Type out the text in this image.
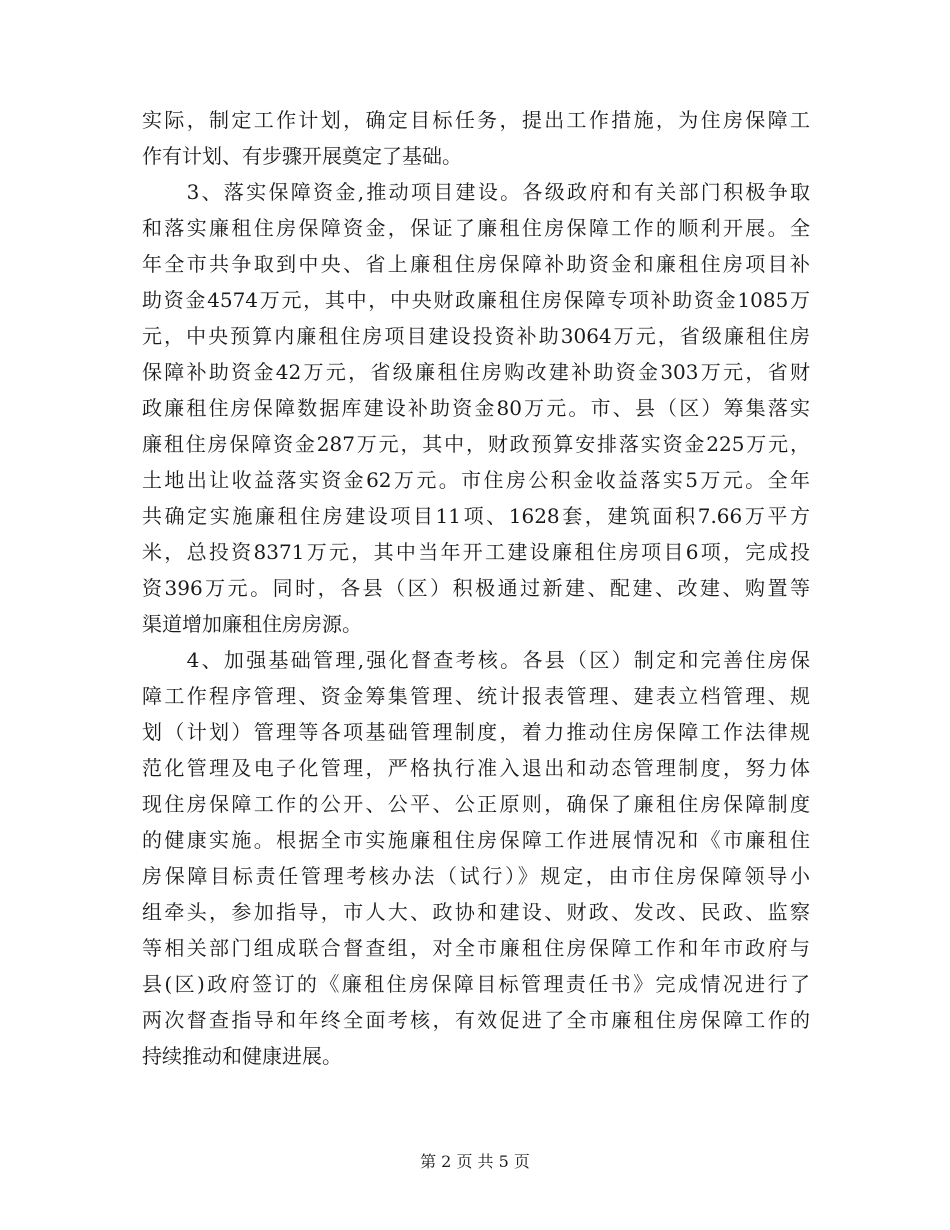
实际，制定工作计划，确定目标任务，提出工作措施，为住房保障工
作有计划、有步骤开展奠定了基础。
　　3、落实保障资金,推动项目建设。各级政府和有关部门积极争取
和落实廉租住房保障资金，保证了廉租住房保障工作的顺利开展。全
年全市共争取到中央、省上廉租住房保障补助资金和廉租住房项目补
助资金4574万元，其中，中央财政廉租住房保障专项补助资金1085万
元，中央预算内廉租住房项目建设投资补助3064万元，省级廉租住房
保障补助资金42万元，省级廉租住房购改建补助资金303万元，省财
政廉租住房保障数据库建设补助资金80万元。市、县（区）筹集落实
廉租住房保障资金287万元，其中，财政预算安排落实资金225万元，
土地出让收益落实资金62万元。市住房公积金收益落实5万元。全年
共确定实施廉租住房建设项目11项、1628套，建筑面积7.66万平方
米，总投资8371万元，其中当年开工建设廉租住房项目6项，完成投
资396万元。同时，各县（区）积极通过新建、配建、改建、购置等
渠道增加廉租住房房源。
　　4、加强基础管理,强化督查考核。各县（区）制定和完善住房保
障工作程序管理、资金筹集管理、统计报表管理、建表立档管理、规
划（计划）管理等各项基础管理制度，着力推动住房保障工作法律规
范化管理及电子化管理，严格执行准入退出和动态管理制度，努力体
现住房保障工作的公开、公平、公正原则，确保了廉租住房保障制度
的健康实施。根据全市实施廉租住房保障工作进展情况和《市廉租住
房保障目标责任管理考核办法（试行）》规定，由市住房保障领导小
组牵头，参加指导，市人大、政协和建设、财政、发改、民政、监察
等相关部门组成联合督查组，对全市廉租住房保障工作和年市政府与
县(区)政府签订的《廉租住房保障目标管理责任书》完成情况进行了
两次督查指导和年终全面考核，有效促进了全市廉租住房保障工作的
持续推动和健康进展。
第 2 页 共 5 页
